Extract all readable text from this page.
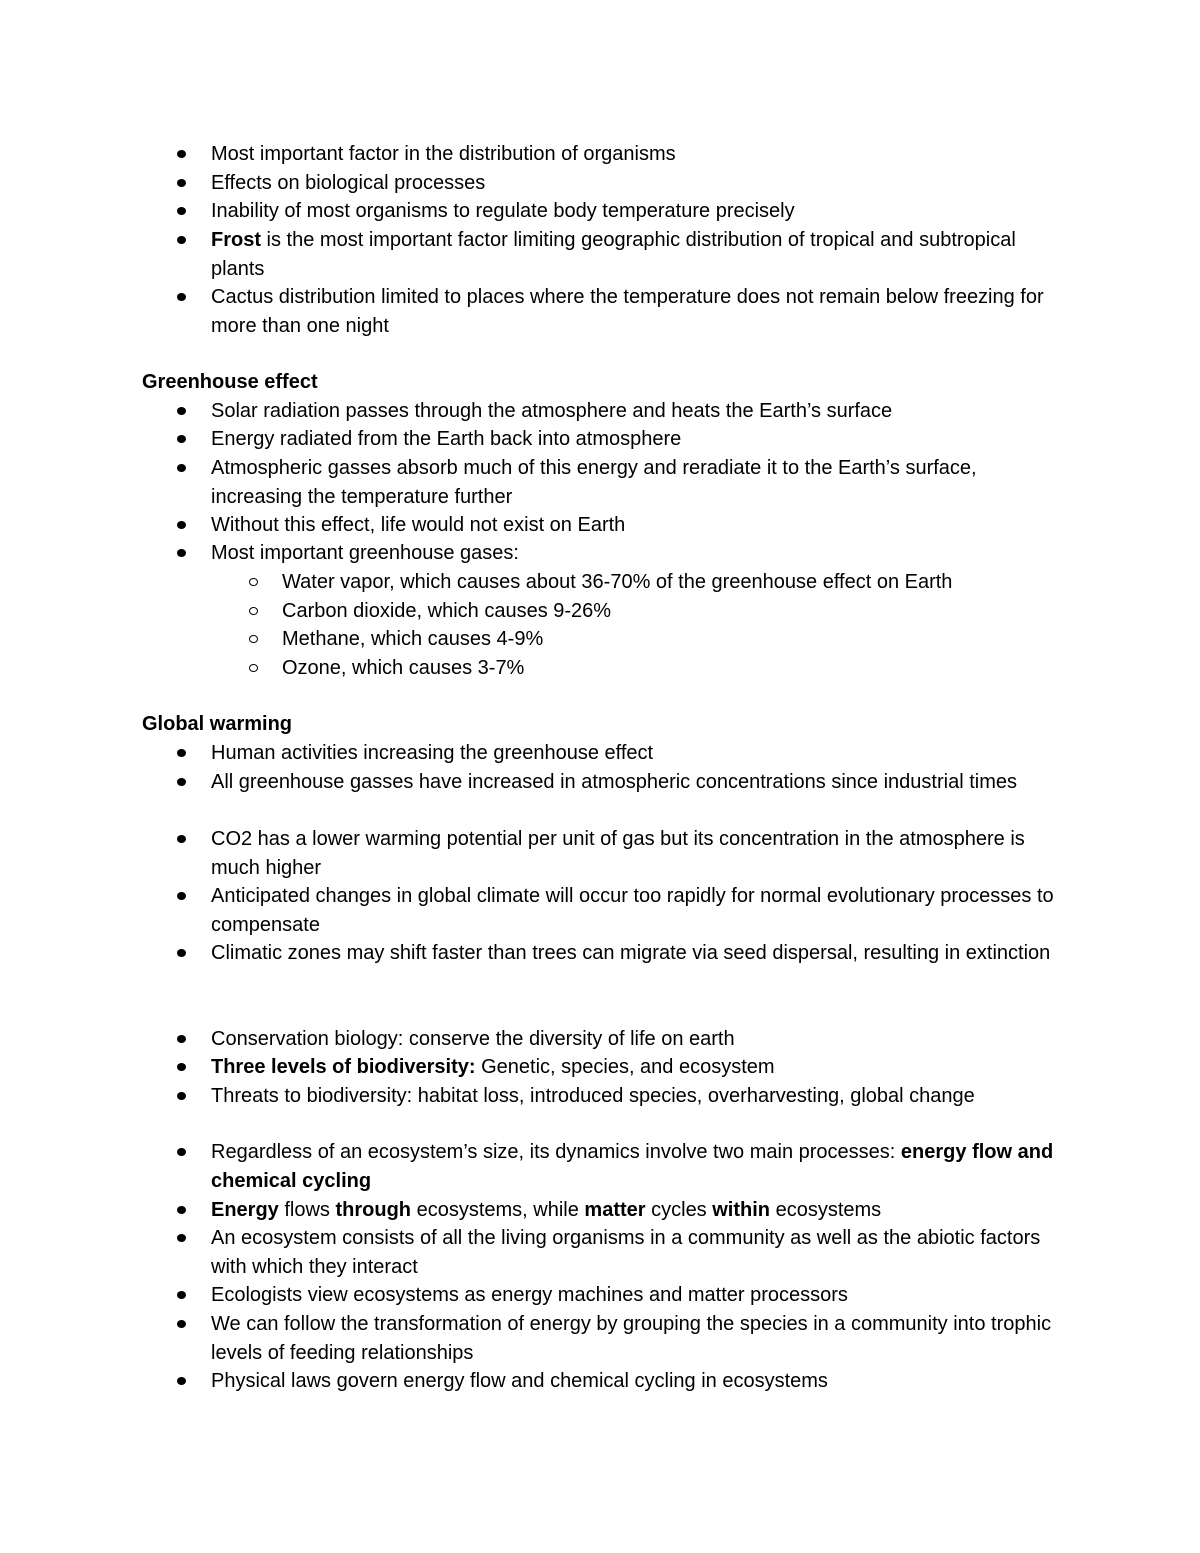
Most important factor in the distribution of organisms
Effects on biological processes
Inability of most organisms to regulate body temperature precisely
Frost is the most important factor limiting geographic distribution of tropical and subtropical plants
Cactus distribution limited to places where the temperature does not remain below freezing for more than one night
Greenhouse effect
Solar radiation passes through the atmosphere and heats the Earth’s surface
Energy radiated from the Earth back into atmosphere
Atmospheric gasses absorb much of this energy and reradiate it to the Earth’s surface, increasing the temperature further
Without this effect, life would not exist on Earth
Most important greenhouse gases:
Water vapor, which causes about 36-70% of the greenhouse effect on Earth
Carbon dioxide, which causes 9-26%
Methane, which causes 4-9%
Ozone, which causes 3-7%
Global warming
Human activities increasing the greenhouse effect
All greenhouse gasses have increased in atmospheric concentrations since industrial times
CO2 has a lower warming potential per unit of gas but its concentration in the atmosphere is much higher
Anticipated changes in global climate will occur too rapidly for normal evolutionary processes to compensate
Climatic zones may shift faster than trees can migrate via seed dispersal, resulting in extinction
Conservation biology: conserve the diversity of life on earth
Three levels of biodiversity: Genetic, species, and ecosystem
Threats to biodiversity: habitat loss, introduced species, overharvesting, global change
Regardless of an ecosystem’s size, its dynamics involve two main processes: energy flow and chemical cycling
Energy flows through ecosystems, while matter cycles within ecosystems
An ecosystem consists of all the living organisms in a community as well as the abiotic factors with which they interact
Ecologists view ecosystems as energy machines and matter processors
We can follow the transformation of energy by grouping the species in a community into trophic levels of feeding relationships
Physical laws govern energy flow and chemical cycling in ecosystems
